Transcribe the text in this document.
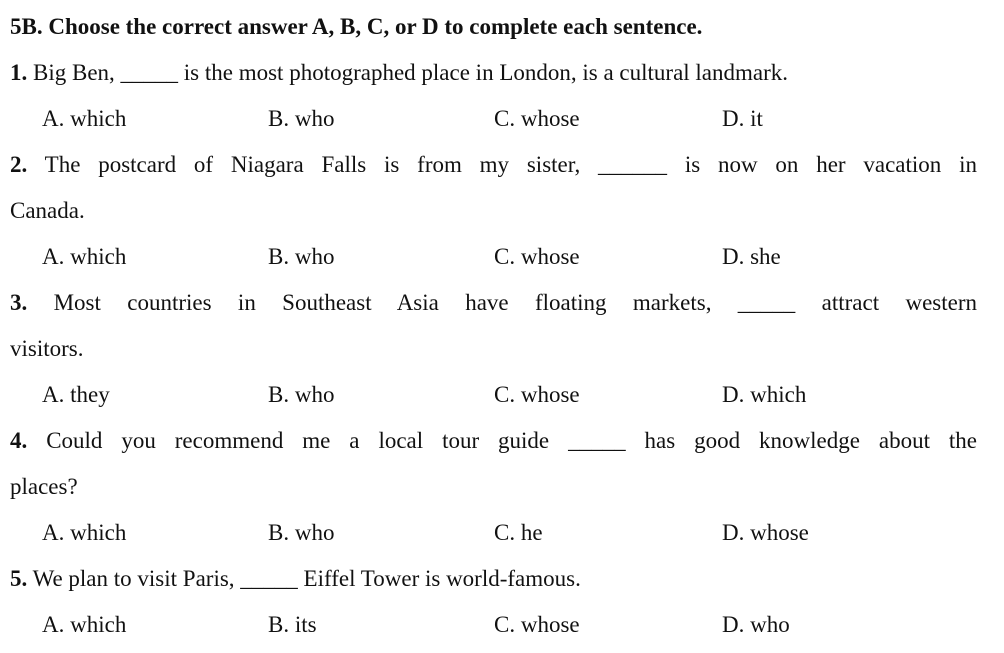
5B. Choose the correct answer A, B, C, or D to complete each sentence.
1. Big Ben, _____ is the most photographed place in London, is a cultural landmark.
A. which	B. who	C. whose	D. it
2. The postcard of Niagara Falls is from my sister, ______ is now on her vacation in
Canada.
A. which	B. who	C. whose	D. she
3. Most countries in Southeast Asia have floating markets, _____ attract western
visitors.
A. they	B. who	C. whose	D. which
4. Could you recommend me a local tour guide _____ has good knowledge about the
places?
A. which	B. who	C. he	D. whose
5. We plan to visit Paris, _____ Eiffel Tower is world-famous.
A. which	B. its	C. whose	D. who
